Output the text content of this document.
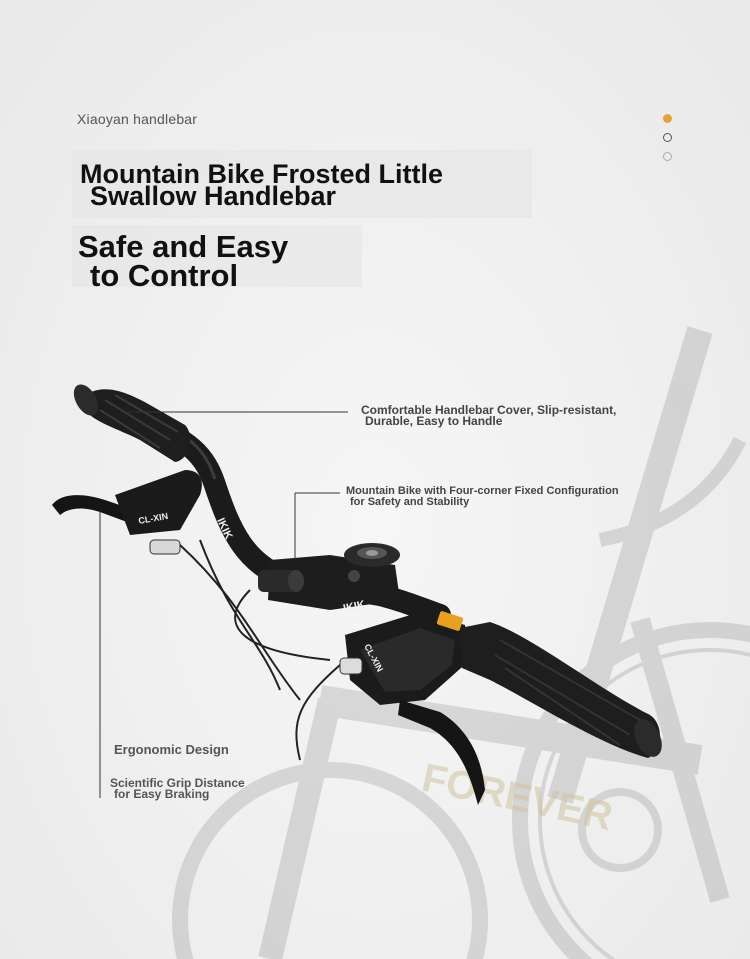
FOREVER
CL-XIN	IKIK
IKIK
CL-XIN
Xiaoyan handlebar
Mountain Bike Frosted Little
Swallow Handlebar
Safe and Easy
to Control
Comfortable Handlebar Cover, Slip-resistant,
Durable, Easy to Handle
Mountain Bike with Four-corner Fixed Configuration
for Safety and Stability
Ergonomic Design
Scientific Grip Distance
for Easy Braking
